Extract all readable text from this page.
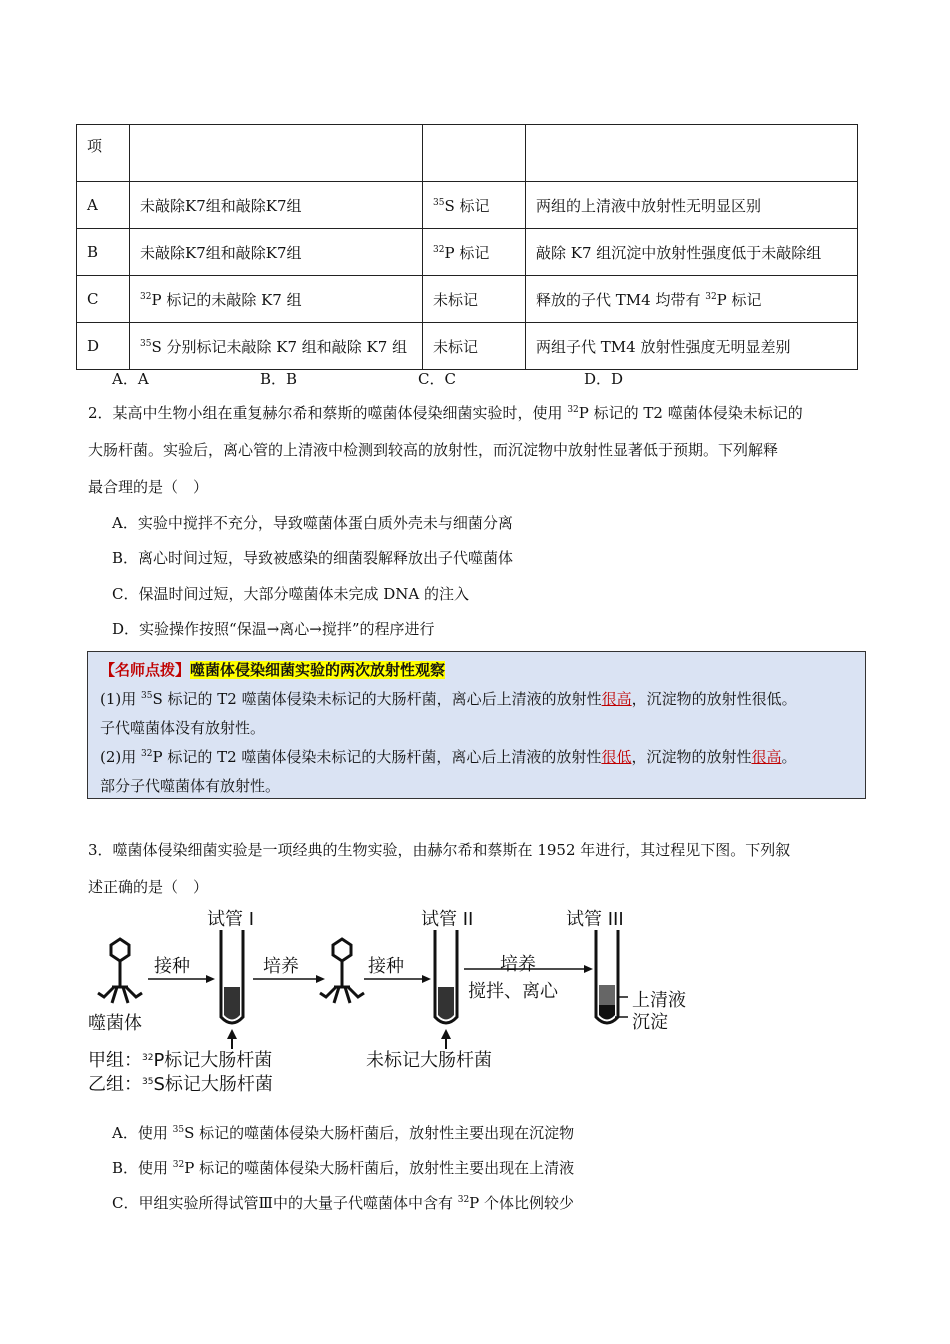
项			
A	未敲除K7组和敲除K7组	$^{35}$S 标记	两组的上清液中放射性无明显区别
B	未敲除K7组和敲除K7组	$^{32}$P 标记	敲除 K7 组沉淀中放射性强度低于未敲除组
C	$^{32}$P 标记的未敲除 K7 组	未标记	释放的子代 TM4 均带有 $^{32}$P 标记
D	$^{35}$S 分别标记未敲除 K7 组和敲除 K7 组	未标记	两组子代 TM4 放射性强度无明显差别
A．A	B．B	C．C	D．D
2．某高中生物小组在重复赫尔希和蔡斯的噬菌体侵染细菌实验时，使用 $^{32}$P 标记的 T2 噬菌体侵染未标记的
大肠杆菌。实验后，离心管的上清液中检测到较高的放射性，而沉淀物中放射性显著低于预期。下列解释
最合理的是（　）
A．实验中搅拌不充分，导致噬菌体蛋白质外壳未与细菌分离
B．离心时间过短，导致被感染的细菌裂解释放出子代噬菌体
C．保温时间过短，大部分噬菌体未完成 DNA 的注入
D．实验操作按照“保温→离心→搅拌”的程序进行
【名师点拨】噬菌体侵染细菌实验的两次放射性观察
(1)用 $^{35}$S 标记的 T2 噬菌体侵染未标记的大肠杆菌，离心后上清液的放射性很高，沉淀物的放射性很低。
子代噬菌体没有放射性。
(2)用 $^{32}$P 标记的 T2 噬菌体侵染未标记的大肠杆菌，离心后上清液的放射性很低，沉淀物的放射性很高。
部分子代噬菌体有放射性。
3．噬菌体侵染细菌实验是一项经典的生物实验，由赫尔希和蔡斯在 1952 年进行，其过程见下图。下列叙
述正确的是（　）
试管 I	试管 II	试管 III
接种	培养	接种	培养
搅拌、离心
噬菌体
上清液
沉淀
甲组：$^{32}$P标记大肠杆菌
乙组：$^{35}$S标记大肠杆菌
未标记大肠杆菌
A．使用 $^{35}$S 标记的噬菌体侵染大肠杆菌后，放射性主要出现在沉淀物
B．使用 $^{32}$P 标记的噬菌体侵染大肠杆菌后，放射性主要出现在上清液
C．甲组实验所得试管Ⅲ中的大量子代噬菌体中含有 $^{32}$P 个体比例较少
